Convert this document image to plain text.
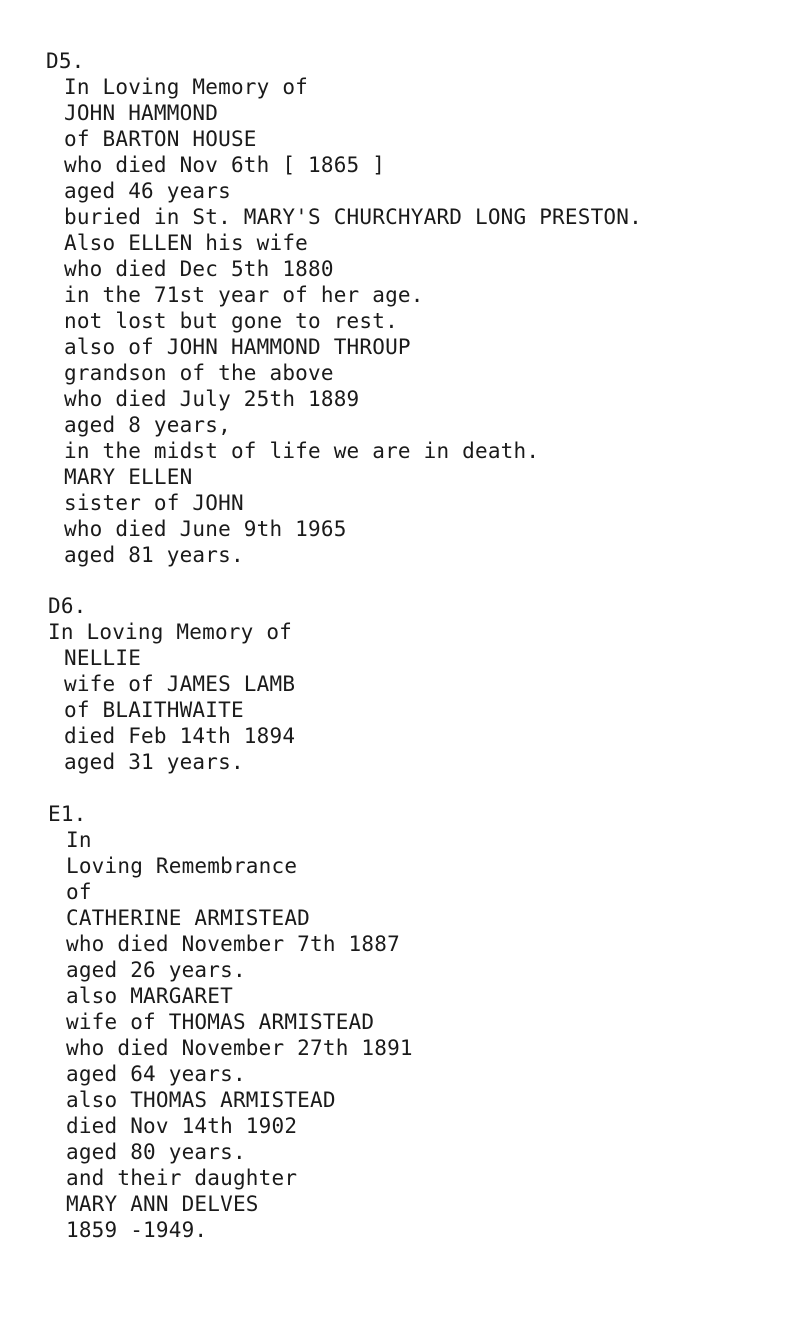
D5.
In Loving Memory of
JOHN HAMMOND
of BARTON HOUSE
who died Nov 6th [ 1865 ]
aged 46 years
buried in St. MARY'S CHURCHYARD LONG PRESTON.
Also ELLEN his wife
who died Dec 5th 1880
in the 71st year of her age.
not lost but gone to rest.
also of JOHN HAMMOND THROUP
grandson of the above
who died July 25th 1889
aged 8 years,
in the midst of life we are in death.
MARY ELLEN
sister of JOHN
who died June 9th 1965
aged 81 years.
D6.
In Loving Memory of
NELLIE
wife of JAMES LAMB
of BLAITHWAITE
died Feb 14th 1894
aged 31 years.
E1.
In
Loving Remembrance
of
CATHERINE ARMISTEAD
who died November 7th 1887
aged 26 years.
also MARGARET
wife of THOMAS ARMISTEAD
who died November 27th 1891
aged 64 years.
also THOMAS ARMISTEAD
died Nov 14th 1902
aged 80 years.
and their daughter
MARY ANN DELVES
1859 -1949.
